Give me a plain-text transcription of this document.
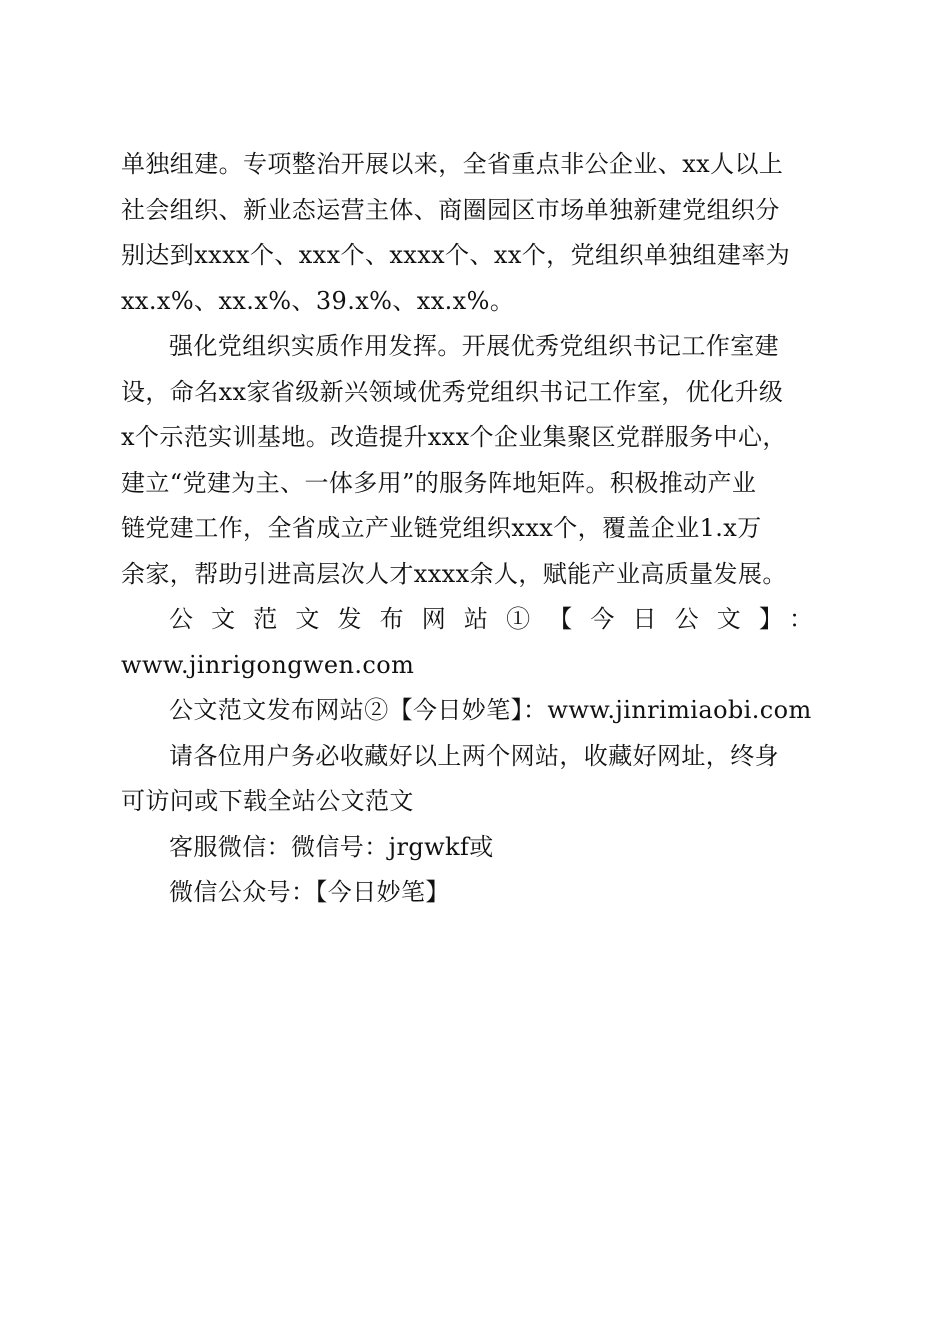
单独组建。专项整治开展以来，全省重点非公企业、xx人以上
社会组织、新业态运营主体、商圈园区市场单独新建党组织分
别达到xxxx个、xxx个、xxxx个、xx个，党组织单独组建率为
xx.x%、xx.x%、39.x%、xx.x%。

强化党组织实质作用发挥。开展优秀党组织书记工作室建
设，命名xx家省级新兴领域优秀党组织书记工作室，优化升级
x个示范实训基地。改造提升xxx个企业集聚区党群服务中心，
建立“党建为主、一体多用”的服务阵地矩阵。积极推动产业
链党建工作，全省成立产业链党组织xxx个，覆盖企业1.x万
余家，帮助引进高层次人才xxxx余人，赋能产业高质量发展。

公文范文发布网站①【今日公文】：
www.jinrigongwen.com

公文范文发布网站②【今日妙笔】：www.jinrimiaobi.com

请各位用户务必收藏好以上两个网站，收藏好网址，终身
可访问或下载全站公文范文

客服微信：微信号：jrgwkf或

微信公众号：【今日妙笔】
